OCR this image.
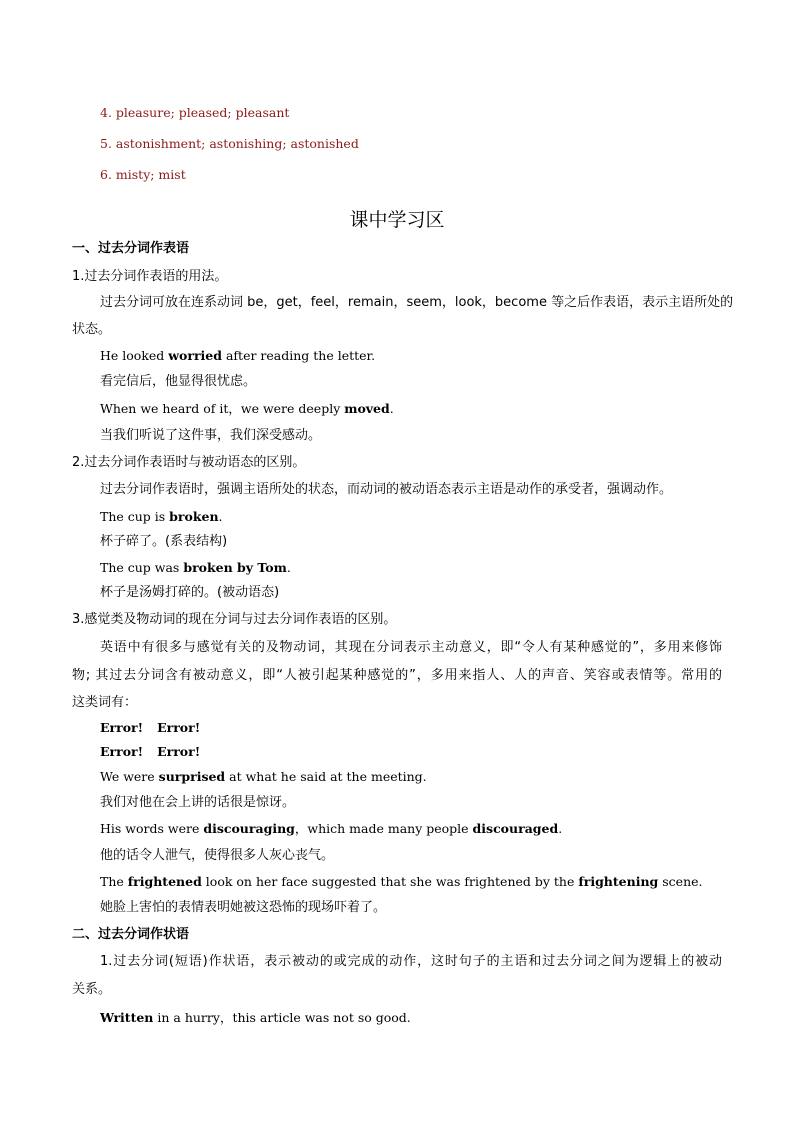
4. pleasure; pleased; pleasant
5. astonishment; astonishing; astonished
6. misty; mist
课中学习区
一、过去分词作表语
1.过去分词作表语的用法。
过去分词可放在连系动词 be，get，feel，remain，seem，look，become 等之后作表语，表示主语所处的
状态。
He looked worried after reading the letter.
看完信后，他显得很忧虑。
When we heard of it，we were deeply moved.
当我们听说了这件事，我们深受感动。
2.过去分词作表语时与被动语态的区别。
过去分词作表语时，强调主语所处的状态，而动词的被动语态表示主语是动作的承受者，强调动作。
The cup is broken.
杯子碎了。(系表结构)
The cup was broken by Tom.
杯子是汤姆打碎的。(被动语态)
3.感觉类及物动词的现在分词与过去分词作表语的区别。
英语中有很多与感觉有关的及物动词，其现在分词表示主动意义，即“令人有某种感觉的”，多用来修饰
物; 其过去分词含有被动意义，即“人被引起某种感觉的”，多用来指人、人的声音、笑容或表情等。常用的
这类词有：
Error! Error!
Error! Error!
We were surprised at what he said at the meeting.
我们对他在会上讲的话很是惊讶。
His words were discouraging，which made many people discouraged.
他的话令人泄气，使得很多人灰心丧气。
The frightened look on her face suggested that she was frightened by the frightening scene.
她脸上害怕的表情表明她被这恐怖的现场吓着了。
二、过去分词作状语
1.过去分词(短语)作状语，表示被动的或完成的动作，这时句子的主语和过去分词之间为逻辑上的被动
关系。
Written in a hurry，this article was not so good.
